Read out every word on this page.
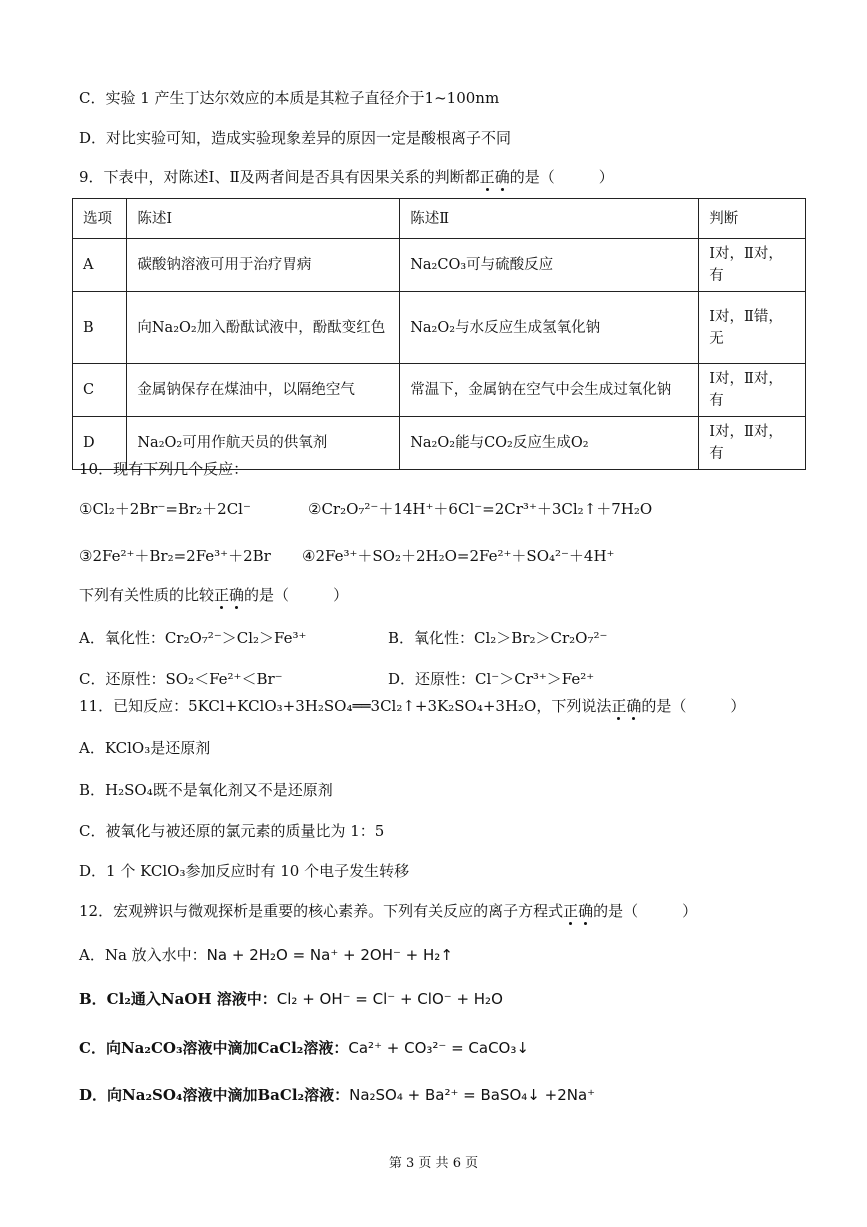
C．实验 1 产生丁达尔效应的本质是其粒子直径介于1~100nm
D．对比实验可知，造成实验现象差异的原因一定是酸根离子不同
9．下表中，对陈述Ⅰ、Ⅱ及两者间是否具有因果关系的判断都正确的是（	）
选项	陈述Ⅰ	陈述Ⅱ	判断
A	碳酸钠溶液可用于治疗胃病	Na₂CO₃可与硫酸反应	Ⅰ对，Ⅱ对，有
B	向Na₂O₂加入酚酞试液中，酚酞变红色	Na₂O₂与水反应生成氢氧化钠	Ⅰ对，Ⅱ错，无
C	金属钠保存在煤油中，以隔绝空气	常温下，金属钠在空气中会生成过氧化钠	Ⅰ对，Ⅱ对，有
D	Na₂O₂可用作航天员的供氧剂	Na₂O₂能与CO₂反应生成O₂	Ⅰ对，Ⅱ对，有
10．现有下列几个反应：
①Cl₂＋2Br⁻=Br₂＋2Cl⁻	②Cr₂O₇²⁻＋14H⁺＋6Cl⁻=2Cr³⁺＋3Cl₂↑＋7H₂O
③2Fe²⁺＋Br₂=2Fe³⁺＋2Br ④2Fe³⁺＋SO₂＋2H₂O=2Fe²⁺＋SO₄²⁻＋4H⁺
下列有关性质的比较正确的是（	）
A．氧化性：Cr₂O₇²⁻＞Cl₂＞Fe³⁺	B．氧化性：Cl₂＞Br₂＞Cr₂O₇²⁻
C．还原性：SO₂＜Fe²⁺＜Br⁻	D．还原性：Cl⁻＞Cr³⁺＞Fe²⁺
11．已知反应：5KCl+KClO₃+3H₂SO₄══3Cl₂↑+3K₂SO₄+3H₂O，下列说法正确的是（	）
A．KClO₃是还原剂
B．H₂SO₄既不是氧化剂又不是还原剂
C．被氧化与被还原的氯元素的质量比为 1：5
D．1 个 KClO₃参加反应时有 10 个电子发生转移
12．宏观辨识与微观探析是重要的核心素养。下列有关反应的离子方程式正确的是（	）
A．Na 放入水中：Na + 2H₂O = Na⁺ + 2OH⁻ + H₂↑
B．Cl₂通入NaOH 溶液中：Cl₂ + OH⁻ = Cl⁻ + ClO⁻ + H₂O
C．向Na₂CO₃溶液中滴加CaCl₂溶液：Ca²⁺ + CO₃²⁻ = CaCO₃↓
D．向Na₂SO₄溶液中滴加BaCl₂溶液：Na₂SO₄ + Ba²⁺ = BaSO₄↓ +2Na⁺
第 3 页 共 6 页
